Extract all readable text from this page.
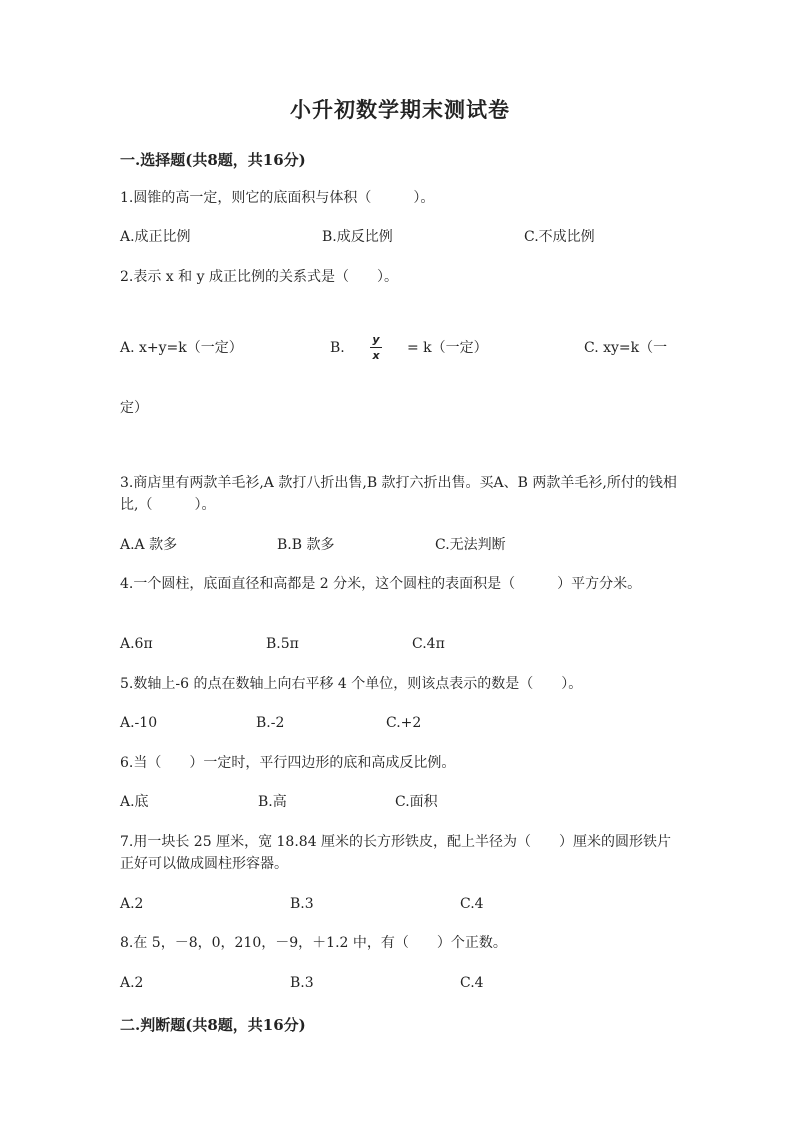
小升初数学期末测试卷
一.选择题(共8题，共16分)

1.圆锥的高一定，则它的底面积与体积（　　　）。

A.成正比例	B.成反比例	C.不成比例

2.表示 x 和 y 成正比例的关系式是（　　）。

A. x+y=k（一定）	B.
y
x = k（一定）	C. xy=k（一
定）

3.商店里有两款羊毛衫,A 款打八折出售,B 款打六折出售。买A、B 两款羊毛衫,所付的钱相比,（　　　）。

A.A 款多	B.B 款多	C.无法判断

4.一个圆柱，底面直径和高都是 2 分米，这个圆柱的表面积是（　　　）平方分米。

A.6π	B.5π	C.4π

5.数轴上-6 的点在数轴上向右平移 4 个单位，则该点表示的数是（　　）。

A.-10	B.-2	C.+2

6.当（　　）一定时，平行四边形的底和高成反比例。

A.底	B.高	C.面积

7.用一块长 25 厘米，宽 18.84 厘米的长方形铁皮，配上半径为（　　）厘米的圆形铁片正好可以做成圆柱形容器。

A.2	B.3	C.4

8.在 5，－8，0，210，－9，＋1.2 中，有（　　）个正数。

A.2	B.3	C.4
二.判断题(共8题，共16分)
